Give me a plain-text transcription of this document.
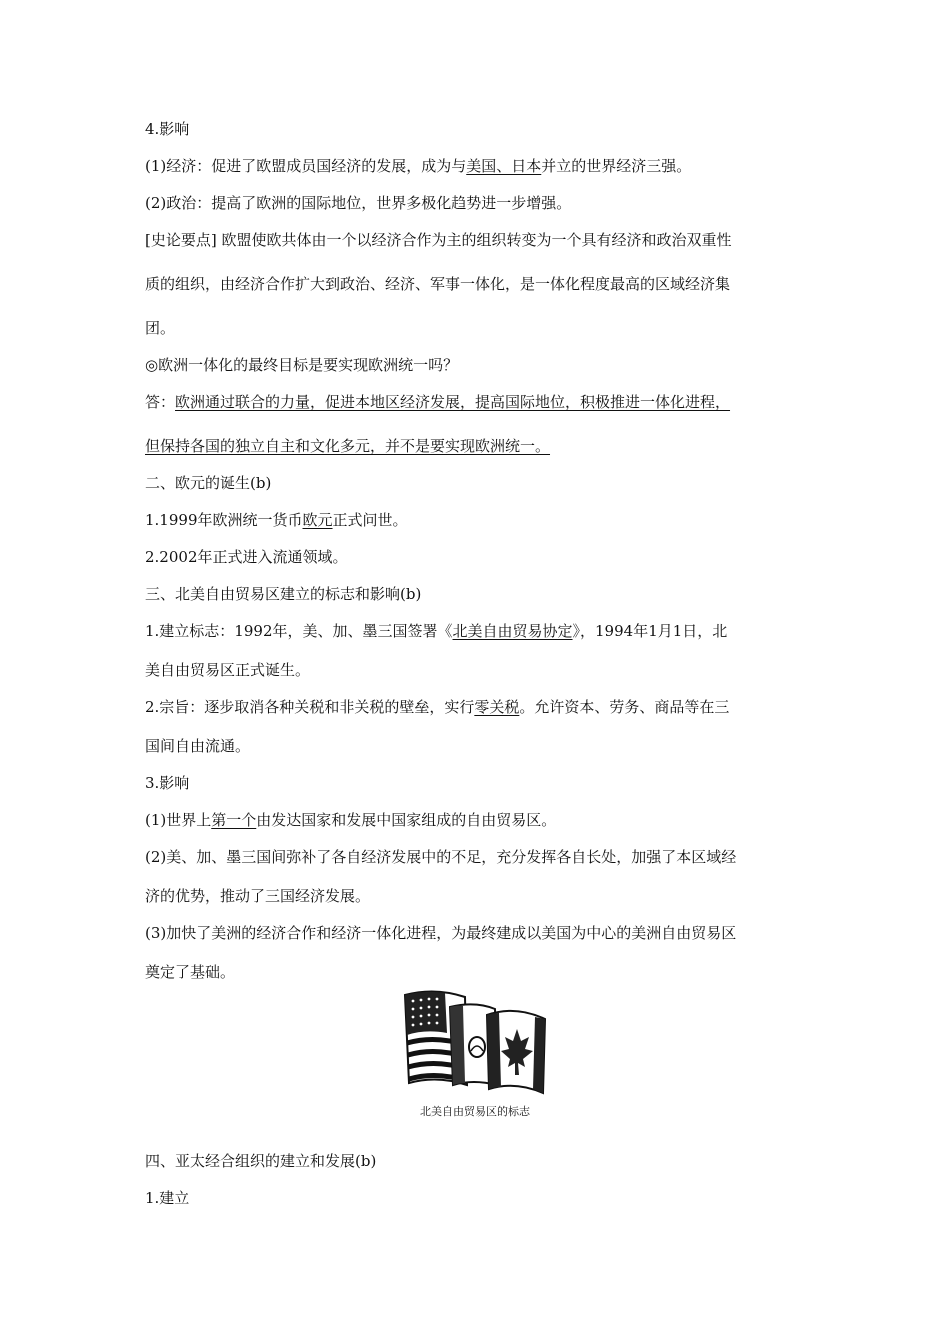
4.影响

(1)经济：促进了欧盟成员国经济的发展，成为与美国、日本并立的世界经济三强。

(2)政治：提高了欧洲的国际地位，世界多极化趋势进一步增强。

[史论要点] 欧盟使欧共体由一个以经济合作为主的组织转变为一个具有经济和政治双重性

质的组织，由经济合作扩大到政治、经济、军事一体化，是一体化程度最高的区域经济集

团。

◎欧洲一体化的最终目标是要实现欧洲统一吗？

答：欧洲通过联合的力量，促进本地区经济发展，提高国际地位，积极推进一体化进程，

但保持各国的独立自主和文化多元，并不是要实现欧洲统一。

二、欧元的诞生(b)

1.1999年欧洲统一货币欧元正式问世。

2.2002年正式进入流通领域。

三、北美自由贸易区建立的标志和影响(b)

1.建立标志：1992年，美、加、墨三国签署《北美自由贸易协定》，1994年1月1日，北

美自由贸易区正式诞生。

2.宗旨：逐步取消各种关税和非关税的壁垒，实行零关税。允许资本、劳务、商品等在三

国间自由流通。

3.影响

(1)世界上第一个由发达国家和发展中国家组成的自由贸易区。

(2)美、加、墨三国间弥补了各自经济发展中的不足，充分发挥各自长处，加强了本区域经

济的优势，推动了三国经济发展。

(3)加快了美洲的经济合作和经济一体化进程，为最终建成以美国为中心的美洲自由贸易区

奠定了基础。

四、亚太经合组织的建立和发展(b)

1.建立

北美自由贸易区的标志
